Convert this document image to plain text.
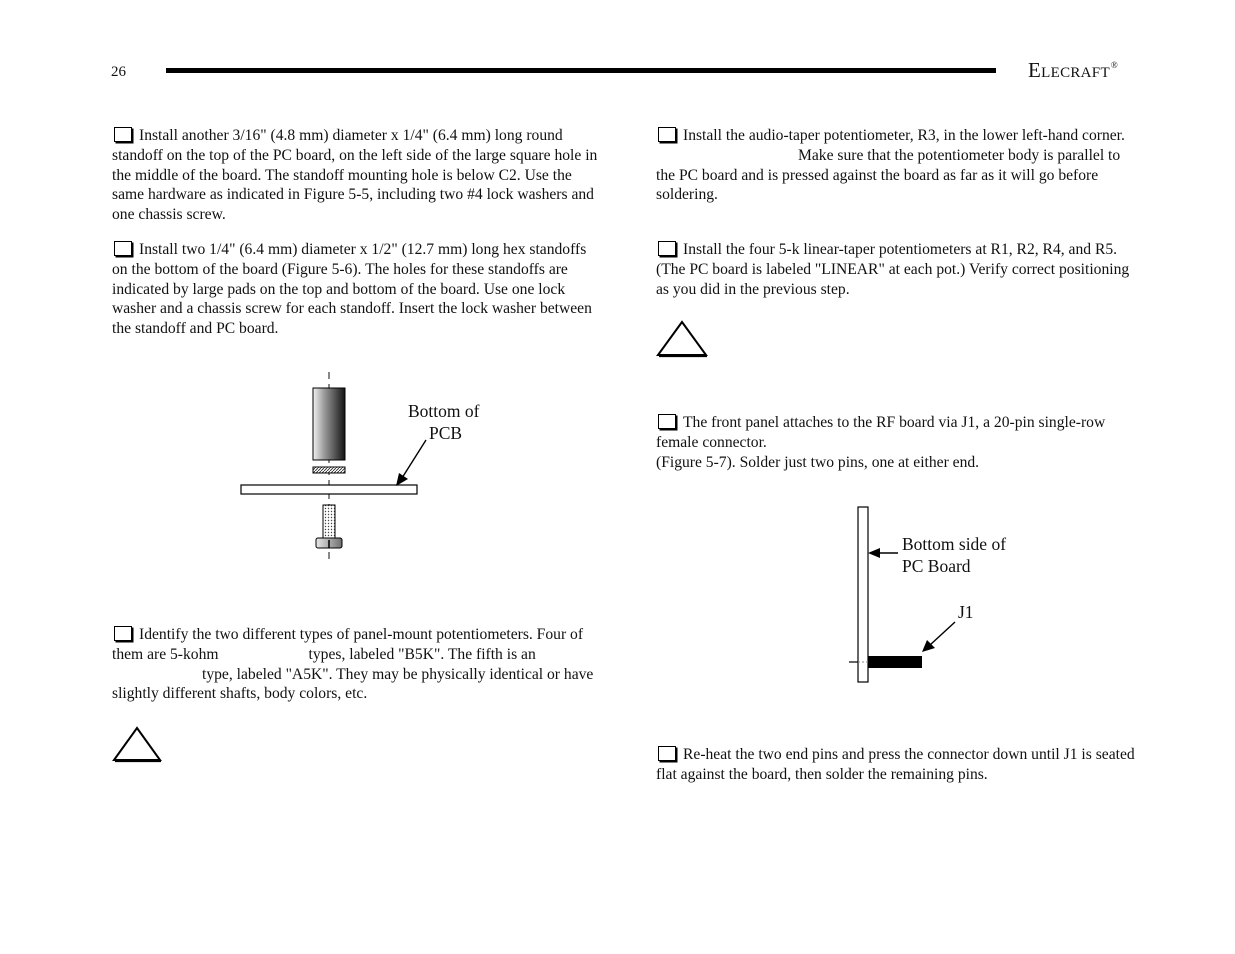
26	ELECRAFT®
Install another 3/16" (4.8 mm) diameter x 1/4" (6.4 mm) long round standoff on the top of the PC board, on the left side of the large square hole in the middle of the board. The standoff mounting hole is below C2. Use the same hardware as indicated in Figure 5-5, including two #4 lock washers and one chassis screw.
Install two 1/4" (6.4 mm) diameter x 1/2" (12.7 mm) long hex standoffs on the bottom of the board (Figure 5-6). The holes for these standoffs are indicated by large pads on the top and bottom of the board. Use one lock washer and a chassis screw for each standoff. Insert the lock washer between the standoff and PC board.
Bottom of
PCB
Identify the two different types of panel-mount potentiometers. Four of them are 5-kohm	types, labeled "B5K". The fifth is antype, labeled "A5K". They may be physically identical or have slightly different shafts, body colors, etc.
Install the audio-taper potentiometer, R3, in the lower left-hand corner.
Make sure that the potentiometer body is parallel to the PC board and is pressed against the board as far as it will go before soldering.
Install the four 5-k linear-taper potentiometers at R1, R2, R4, and R5. (The PC board is labeled "LINEAR" at each pot.) Verify correct positioning as you did in the previous step.
The front panel attaches to the RF board via J1, a 20-pin single-row female connector.
(Figure 5-7). Solder just two pins, one at either end.
Bottom side of
PC Board
J1
Re-heat the two end pins and press the connector down until J1 is seated flat against the board, then solder the remaining pins.
